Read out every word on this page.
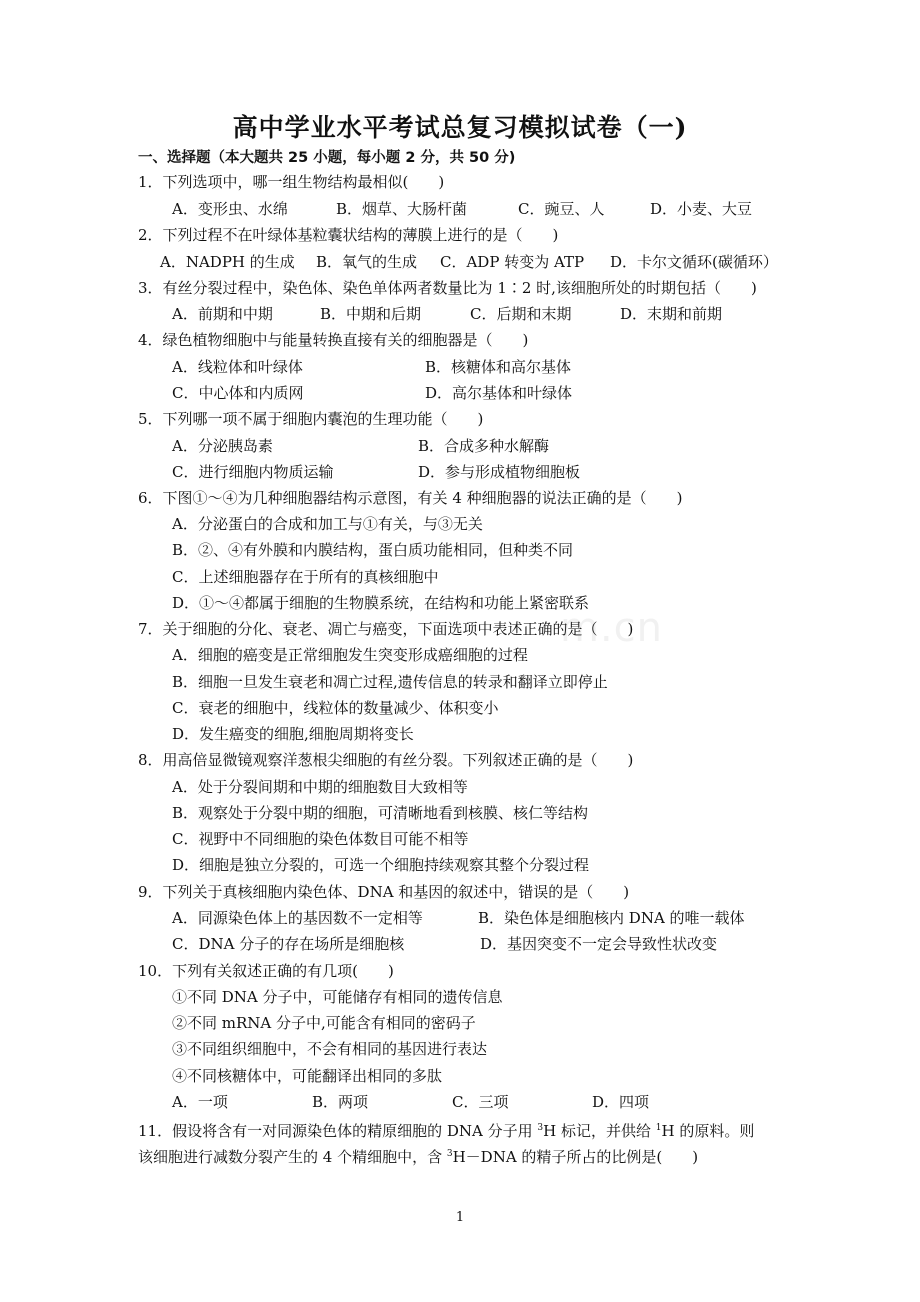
高中学业水平考试总复习模拟试卷（一)
一、选择题（本大题共 25 小题，每小题 2 分，共 50 分)
1．下列选项中，哪一组生物结构最相似(　　)
A．变形虫、水绵	B．烟草、大肠杆菌	C．豌豆、人	D．小麦、大豆
2．下列过程不在叶绿体基粒囊状结构的薄膜上进行的是（　　)
A．NADPH 的生成 B．氧气的生成 C．ADP 转变为 ATP D．卡尔文循环(碳循环）
3．有丝分裂过程中，染色体、染色单体两者数量比为 1∶2 时,该细胞所处的时期包括（　　)
A．前期和中期	B．中期和后期	C．后期和末期	D．末期和前期
4．绿色植物细胞中与能量转换直接有关的细胞器是（　　)
A．线粒体和叶绿体	B．核糖体和高尔基体
C．中心体和内质网	D．高尔基体和叶绿体
5．下列哪一项不属于细胞内囊泡的生理功能（　　)
A．分泌胰岛素	B．合成多种水解酶
C．进行细胞内物质运输	D．参与形成植物细胞板
6．下图①～④为几种细胞器结构示意图，有关 4 种细胞器的说法正确的是（　　)
A．分泌蛋白的合成和加工与①有关，与③无关
B．②、④有外膜和内膜结构，蛋白质功能相同，但种类不同
C．上述细胞器存在于所有的真核细胞中
D．①～④都属于细胞的生物膜系统，在结构和功能上紧密联系
7．关于细胞的分化、衰老、凋亡与癌变，下面选项中表述正确的是（　　)
A．细胞的癌变是正常细胞发生突变形成癌细胞的过程
B．细胞一旦发生衰老和凋亡过程,遗传信息的转录和翻译立即停止
C．衰老的细胞中，线粒体的数量减少、体积变小
D．发生癌变的细胞,细胞周期将变长
8．用高倍显微镜观察洋葱根尖细胞的有丝分裂。下列叙述正确的是（　　)
A．处于分裂间期和中期的细胞数目大致相等
B．观察处于分裂中期的细胞，可清晰地看到核膜、核仁等结构
C．视野中不同细胞的染色体数目可能不相等
D．细胞是独立分裂的，可选一个细胞持续观察其整个分裂过程
9．下列关于真核细胞内染色体、DNA 和基因的叙述中，错误的是（　　)
A．同源染色体上的基因数不一定相等	B．染色体是细胞核内 DNA 的唯一载体
C．DNA 分子的存在场所是细胞核	D．基因突变不一定会导致性状改变
10．下列有关叙述正确的有几项(　　)
①不同 DNA 分子中，可能储存有相同的遗传信息
②不同 mRNA 分子中,可能含有相同的密码子
③不同组织细胞中，不会有相同的基因进行表达
④不同核糖体中，可能翻译出相同的多肽
A．一项	B．两项	C．三项	D．四项
11．假设将含有一对同源染色体的精原细胞的 DNA 分子用 $^3$H 标记，并供给 $^1$H 的原料。则
该细胞进行减数分裂产生的 4 个精细胞中，含 $^3$H－DNA 的精子所占的比例是(　　)
m.cn
1
